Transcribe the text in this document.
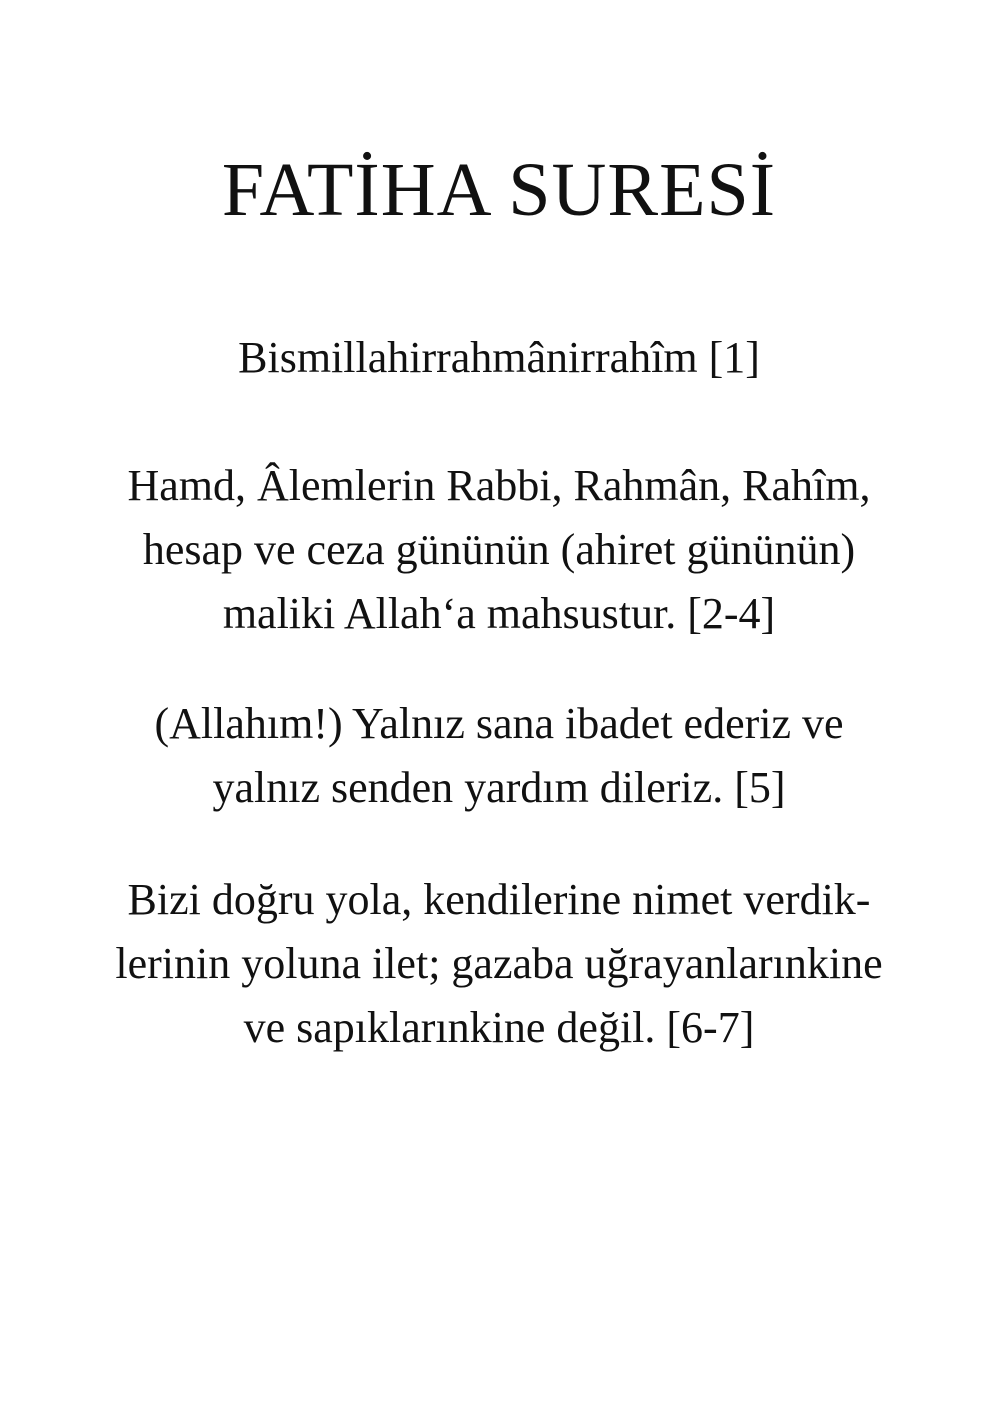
FATİHA SURESİ

Bismillahirrahmânirrahîm [1]

Hamd, Âlemlerin Rabbi, Rahmân, Rahîm,
hesap ve ceza gününün (ahiret gününün)
maliki Allah‘a mahsustur. [2-4]

(Allahım!) Yalnız sana ibadet ederiz ve
yalnız senden yardım dileriz. [5]

Bizi doğru yola, kendilerine nimet verdik-
lerinin yoluna ilet; gazaba uğrayanlarınkine
ve sapıklarınkine değil. [6-7]
